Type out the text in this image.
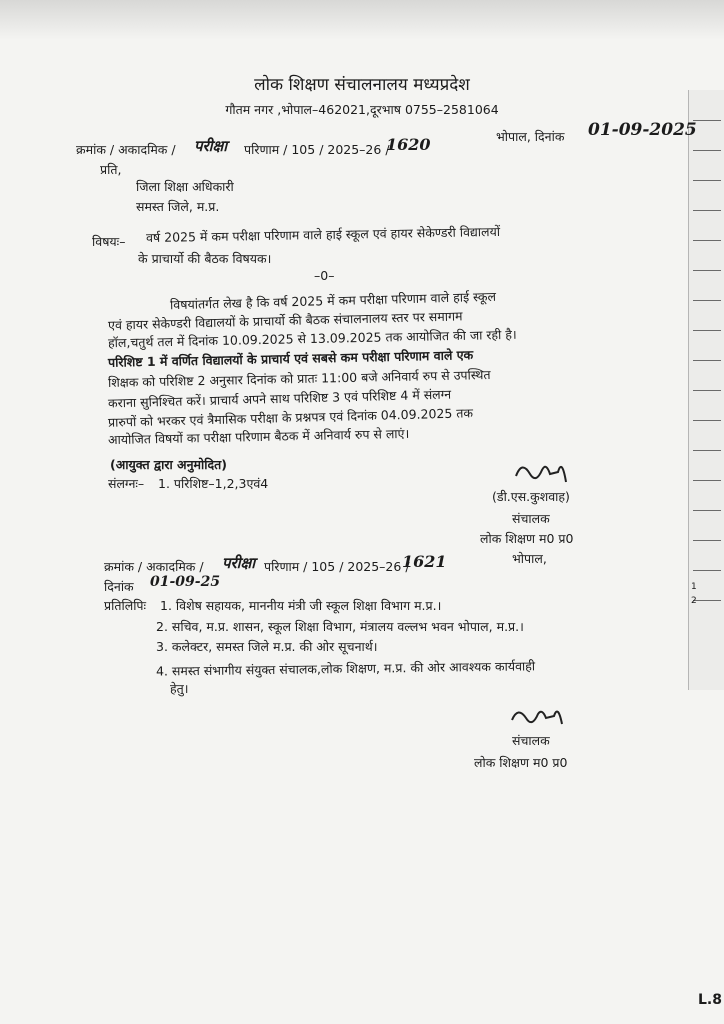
1
2
लोक शिक्षण संचालनालय मध्यप्रदेश
गौतम नगर ,भोपाल–462021,दूरभाष 0755–2581064
क्रमांक / अकादमिक / परीक्षा परिणाम / 105 / 2025–26 /
1620	भोपाल, दिनांक 01-09-2025
प्रति,
जिला शिक्षा अधिकारी
समस्त जिले, म.प्र.
विषयः– वर्ष 2025 में कम परीक्षा परिणाम वाले हाई स्कूल एवं हायर सेकेण्डरी विद्यालयों
के प्राचार्यो की बैठक विषयक।
–0–
विषयांतर्गत लेख है कि वर्ष 2025 में कम परीक्षा परिणाम वाले हाई स्कूल
एवं हायर सेकेण्डरी विद्यालयों के प्राचार्यो की बैठक संचालनालय स्तर पर समागम
हॉल,चतुर्थ तल में दिनांक 10.09.2025 से 13.09.2025 तक आयोजित की जा रही है।
परिशिष्ट 1 में वर्णित विद्यालयों के प्राचार्य एवं सबसे कम परीक्षा परिणाम वाले एक
शिक्षक को परिशिष्ट 2 अनुसार दिनांक को प्रातः 11:00 बजे अनिवार्य रुप से उपस्थित
कराना सुनिश्चित करें। प्राचार्य अपने साथ परिशिष्ट 3 एवं परिशिष्ट 4 में संलग्न
प्रारुपों को भरकर एवं त्रैमासिक परीक्षा के प्रश्नपत्र एवं दिनांक 04.09.2025 तक
आयोजित विषयों का परीक्षा परिणाम बैठक में अनिवार्य रुप से लाएं।
(आयुक्त द्वारा अनुमोदित)
संलग्नः– 1. परिशिष्ट–1,2,3एवं4
(डी.एस.कुशवाह)
संचालक
लोक शिक्षण म0 प्र0
भोपाल,
क्रमांक / अकादमिक / परीक्षा परिणाम / 105 / 2025–26 /
1621
दिनांक 01-09-25
प्रतिलिपिः 1. विशेष सहायक, माननीय मंत्री जी स्कूल शिक्षा विभाग म.प्र.।
2. सचिव, म.प्र. शासन, स्कूल शिक्षा विभाग, मंत्रालय वल्लभ भवन भोपाल, म.प्र.।
3. कलेक्टर, समस्त जिले म.प्र. की ओर सूचनार्थ।
4. समस्त संभागीय संयुक्त संचालक,लोक शिक्षण, म.प्र. की ओर आवश्यक कार्यवाही
हेतु।
संचालक
लोक शिक्षण म0 प्र0
L.8
